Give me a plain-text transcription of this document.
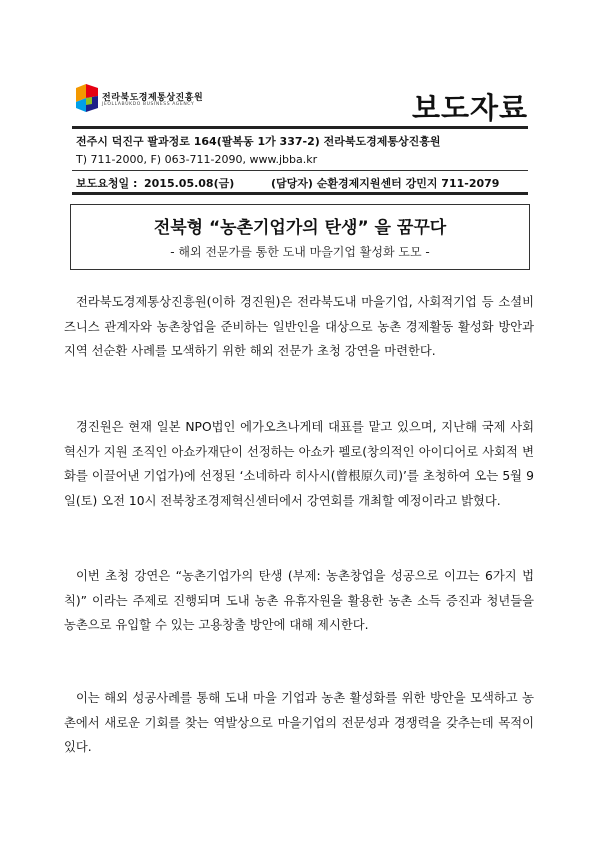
전라북도경제통상진흥원
JEOLLABUKDO BUSINESS AGENCY	보도자료
전주시 덕진구 팔과정로 164(팔복동 1가 337-2) 전라북도경제통상진흥원
T) 711-2000, F) 063-711-2090, www.jbba.kr
보도요청일 : 2015.05.08(금)	(담당자) 순환경제지원센터 강민지 711-2079
전북형 “농촌기업가의 탄생” 을 꿈꾸다
- 해외 전문가를 통한 도내 마을기업 활성화 도모 -

전라북도경제통상진흥원(이하 경진원)은 전라북도내 마을기업, 사회적기업 등 소셜비즈니스 관계자와 농촌창업을 준비하는 일반인을 대상으로 농촌 경제활동 활성화 방안과 지역 선순환 사례를 모색하기 위한 해외 전문가 초청 강연을 마련한다.

경진원은 현재 일본 NPO법인 에가오츠나게테 대표를 맡고 있으며, 지난해 국제 사회혁신가 지원 조직인 아쇼카재단이 선정하는 아쇼카 펠로(창의적인 아이디어로 사회적 변화를 이끌어낸 기업가)에 선정된 ‘소네하라 히사시(曾根原久司)’를 초청하여 오는 5월 9일(토) 오전 10시 전북창조경제혁신센터에서 강연회를 개최할 예정이라고 밝혔다.

이번 초청 강연은 “농촌기업가의 탄생 (부제: 농촌창업을 성공으로 이끄는 6가지 법칙)” 이라는 주제로 진행되며 도내 농촌 유휴자원을 활용한 농촌 소득 증진과 청년들을 농촌으로 유입할 수 있는 고용창출 방안에 대해 제시한다.

이는 해외 성공사례를 통해 도내 마을 기업과 농촌 활성화를 위한 방안을 모색하고 농촌에서 새로운 기회를 찾는 역발상으로 마을기업의 전문성과 경쟁력을 갖추는데 목적이 있다.
